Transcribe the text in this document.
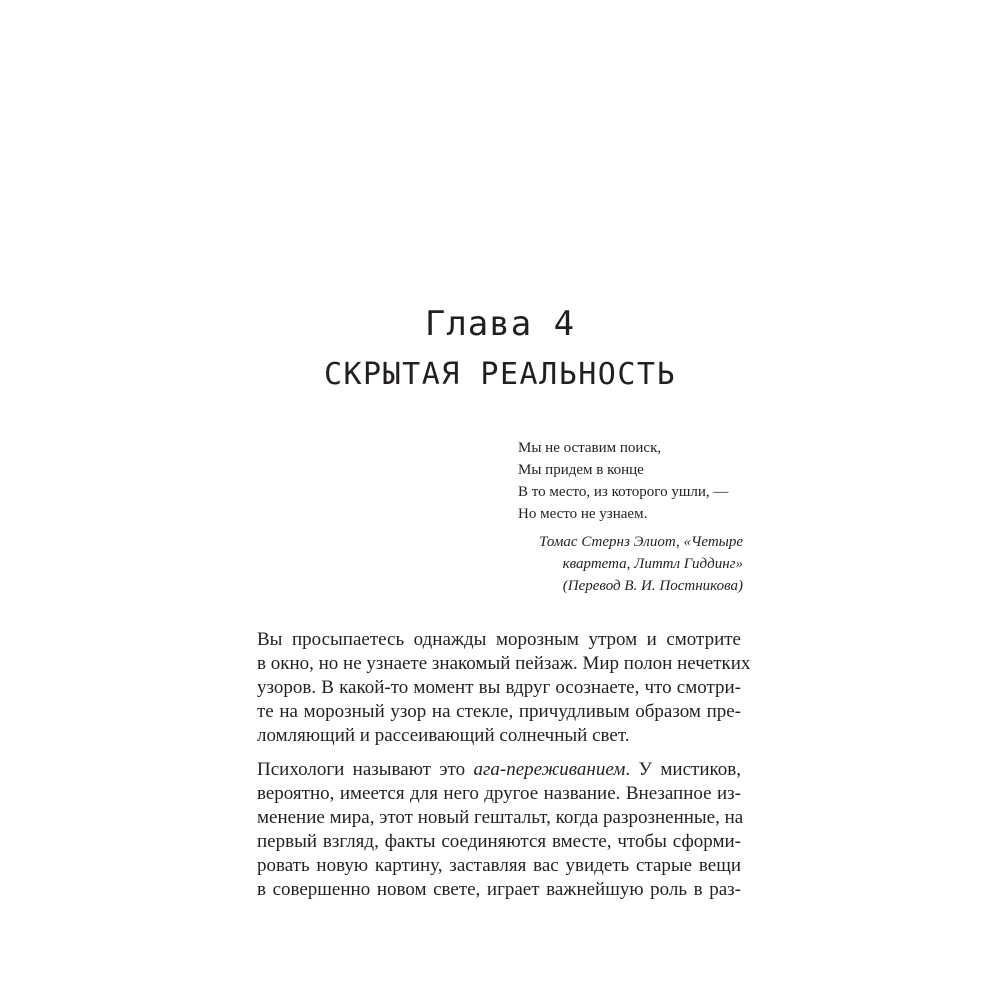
Глава 4
СКРЫТАЯ РЕАЛЬНОСТЬ
Мы не оставим поиск,
Мы придем в конце
В то место, из которого ушли, —
Но место не узнаем.
Томас Стернз Элиот, «Четыре
квартета, Литтл Гиддинг»
(Перевод В. И. Постникова)
Вы просыпаетесь однажды морозным утром и смотрите
в окно, но не узнаете знакомый пейзаж. Мир полон нечетких
узоров. В какой-то момент вы вдруг осознаете, что смотри-
те на морозный узор на стекле, причудливым образом пре-
ломляющий и рассеивающий солнечный свет.
Психологи называют это ага-переживанием. У мистиков,
вероятно, имеется для него другое название. Внезапное из-
менение мира, этот новый гештальт, когда разрозненные, на
первый взгляд, факты соединяются вместе, чтобы сформи-
ровать новую картину, заставляя вас увидеть старые вещи
в совершенно новом свете, играет важнейшую роль в раз-
